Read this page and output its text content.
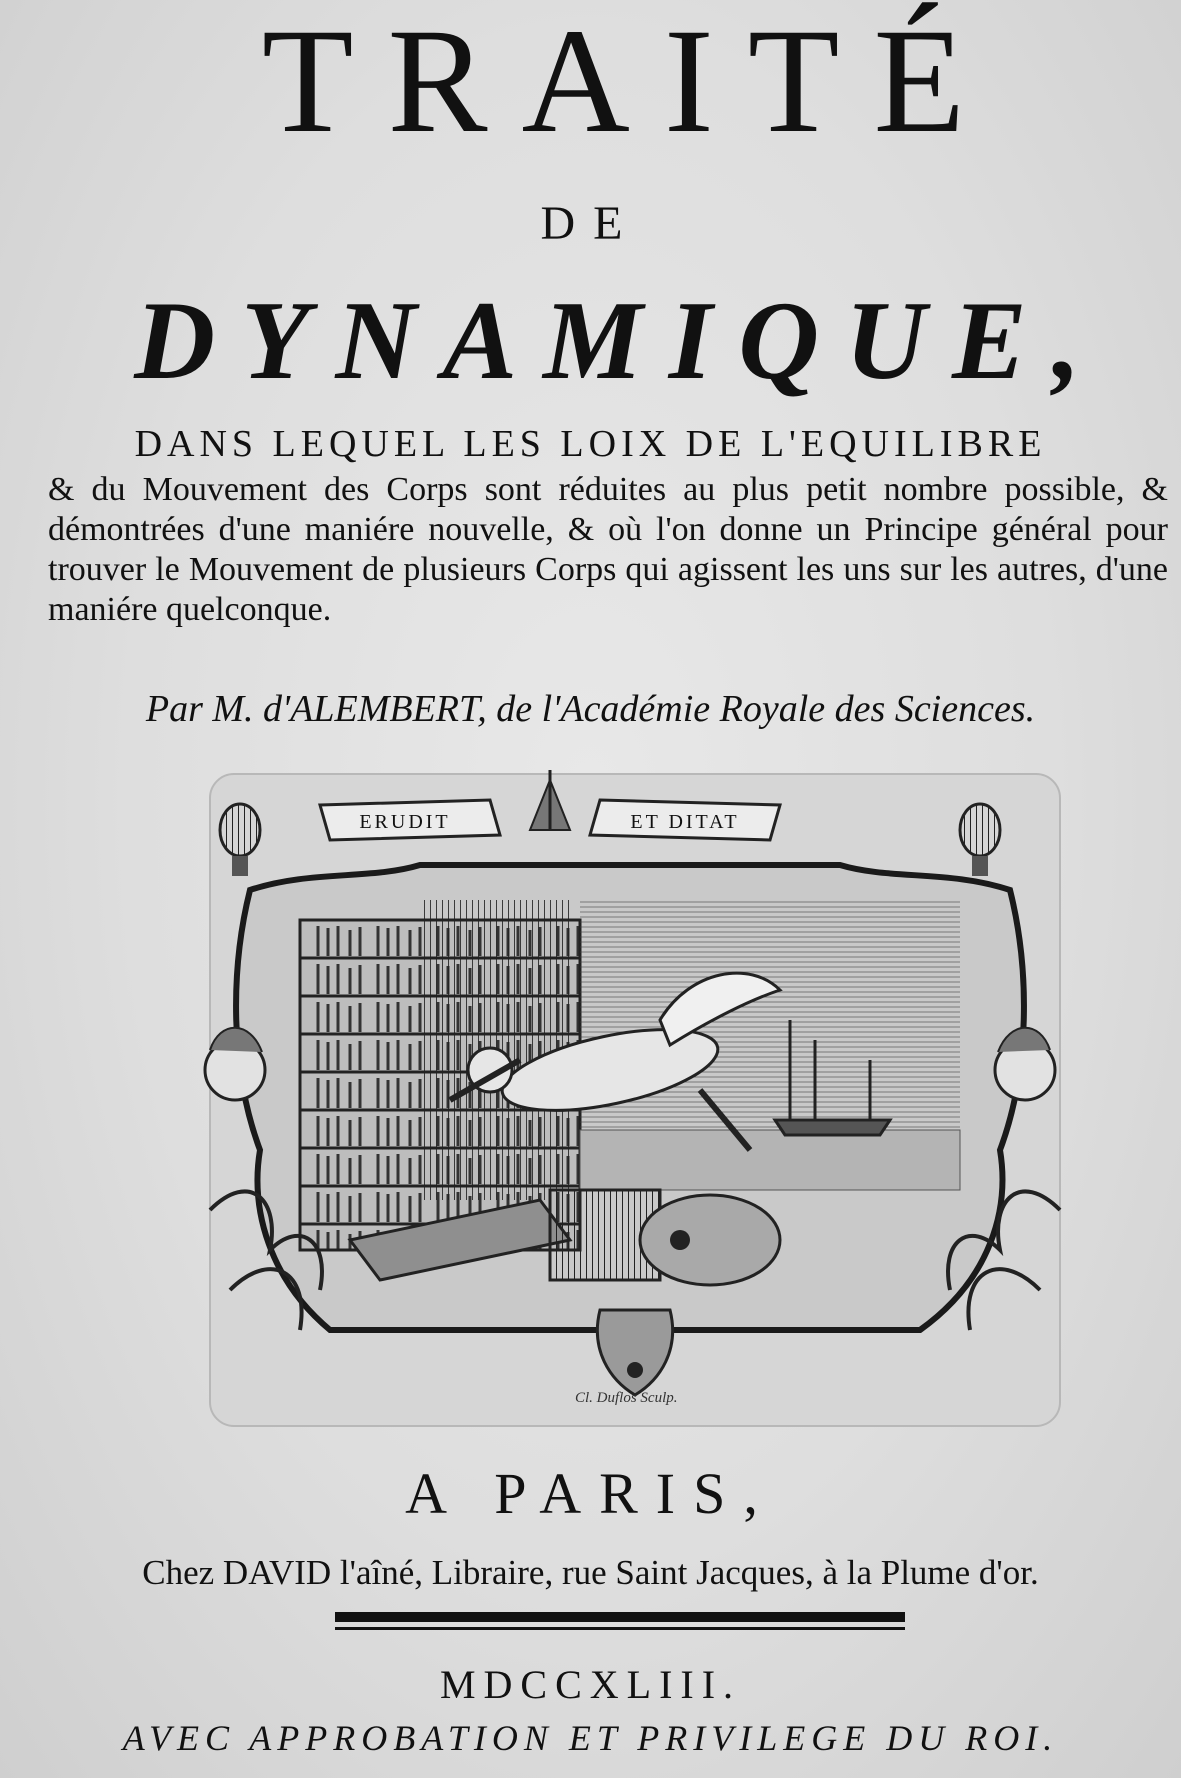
TRAITÉ
DE
DYNAMIQUE,
DANS LEQUEL LES LOIX DE L'EQUILIBRE
& du Mouvement des Corps sont réduites au plus petit nombre possible, & démontrées d'une maniére nouvelle, & où l'on donne un Principe général pour trouver le Mouvement de plusieurs Corps qui agissent les uns sur les autres, d'une maniére quelconque.
Par M. d'ALEMBERT, de l'Académie Royale des Sciences.
ERUDIT	ET DITAT
Cl. Duflos Sculp.
A PARIS,
Chez DAVID l'aîné, Libraire, rue Saint Jacques, à la Plume d'or.
MDCCXLIII.
AVEC APPROBATION ET PRIVILEGE DU ROI.
